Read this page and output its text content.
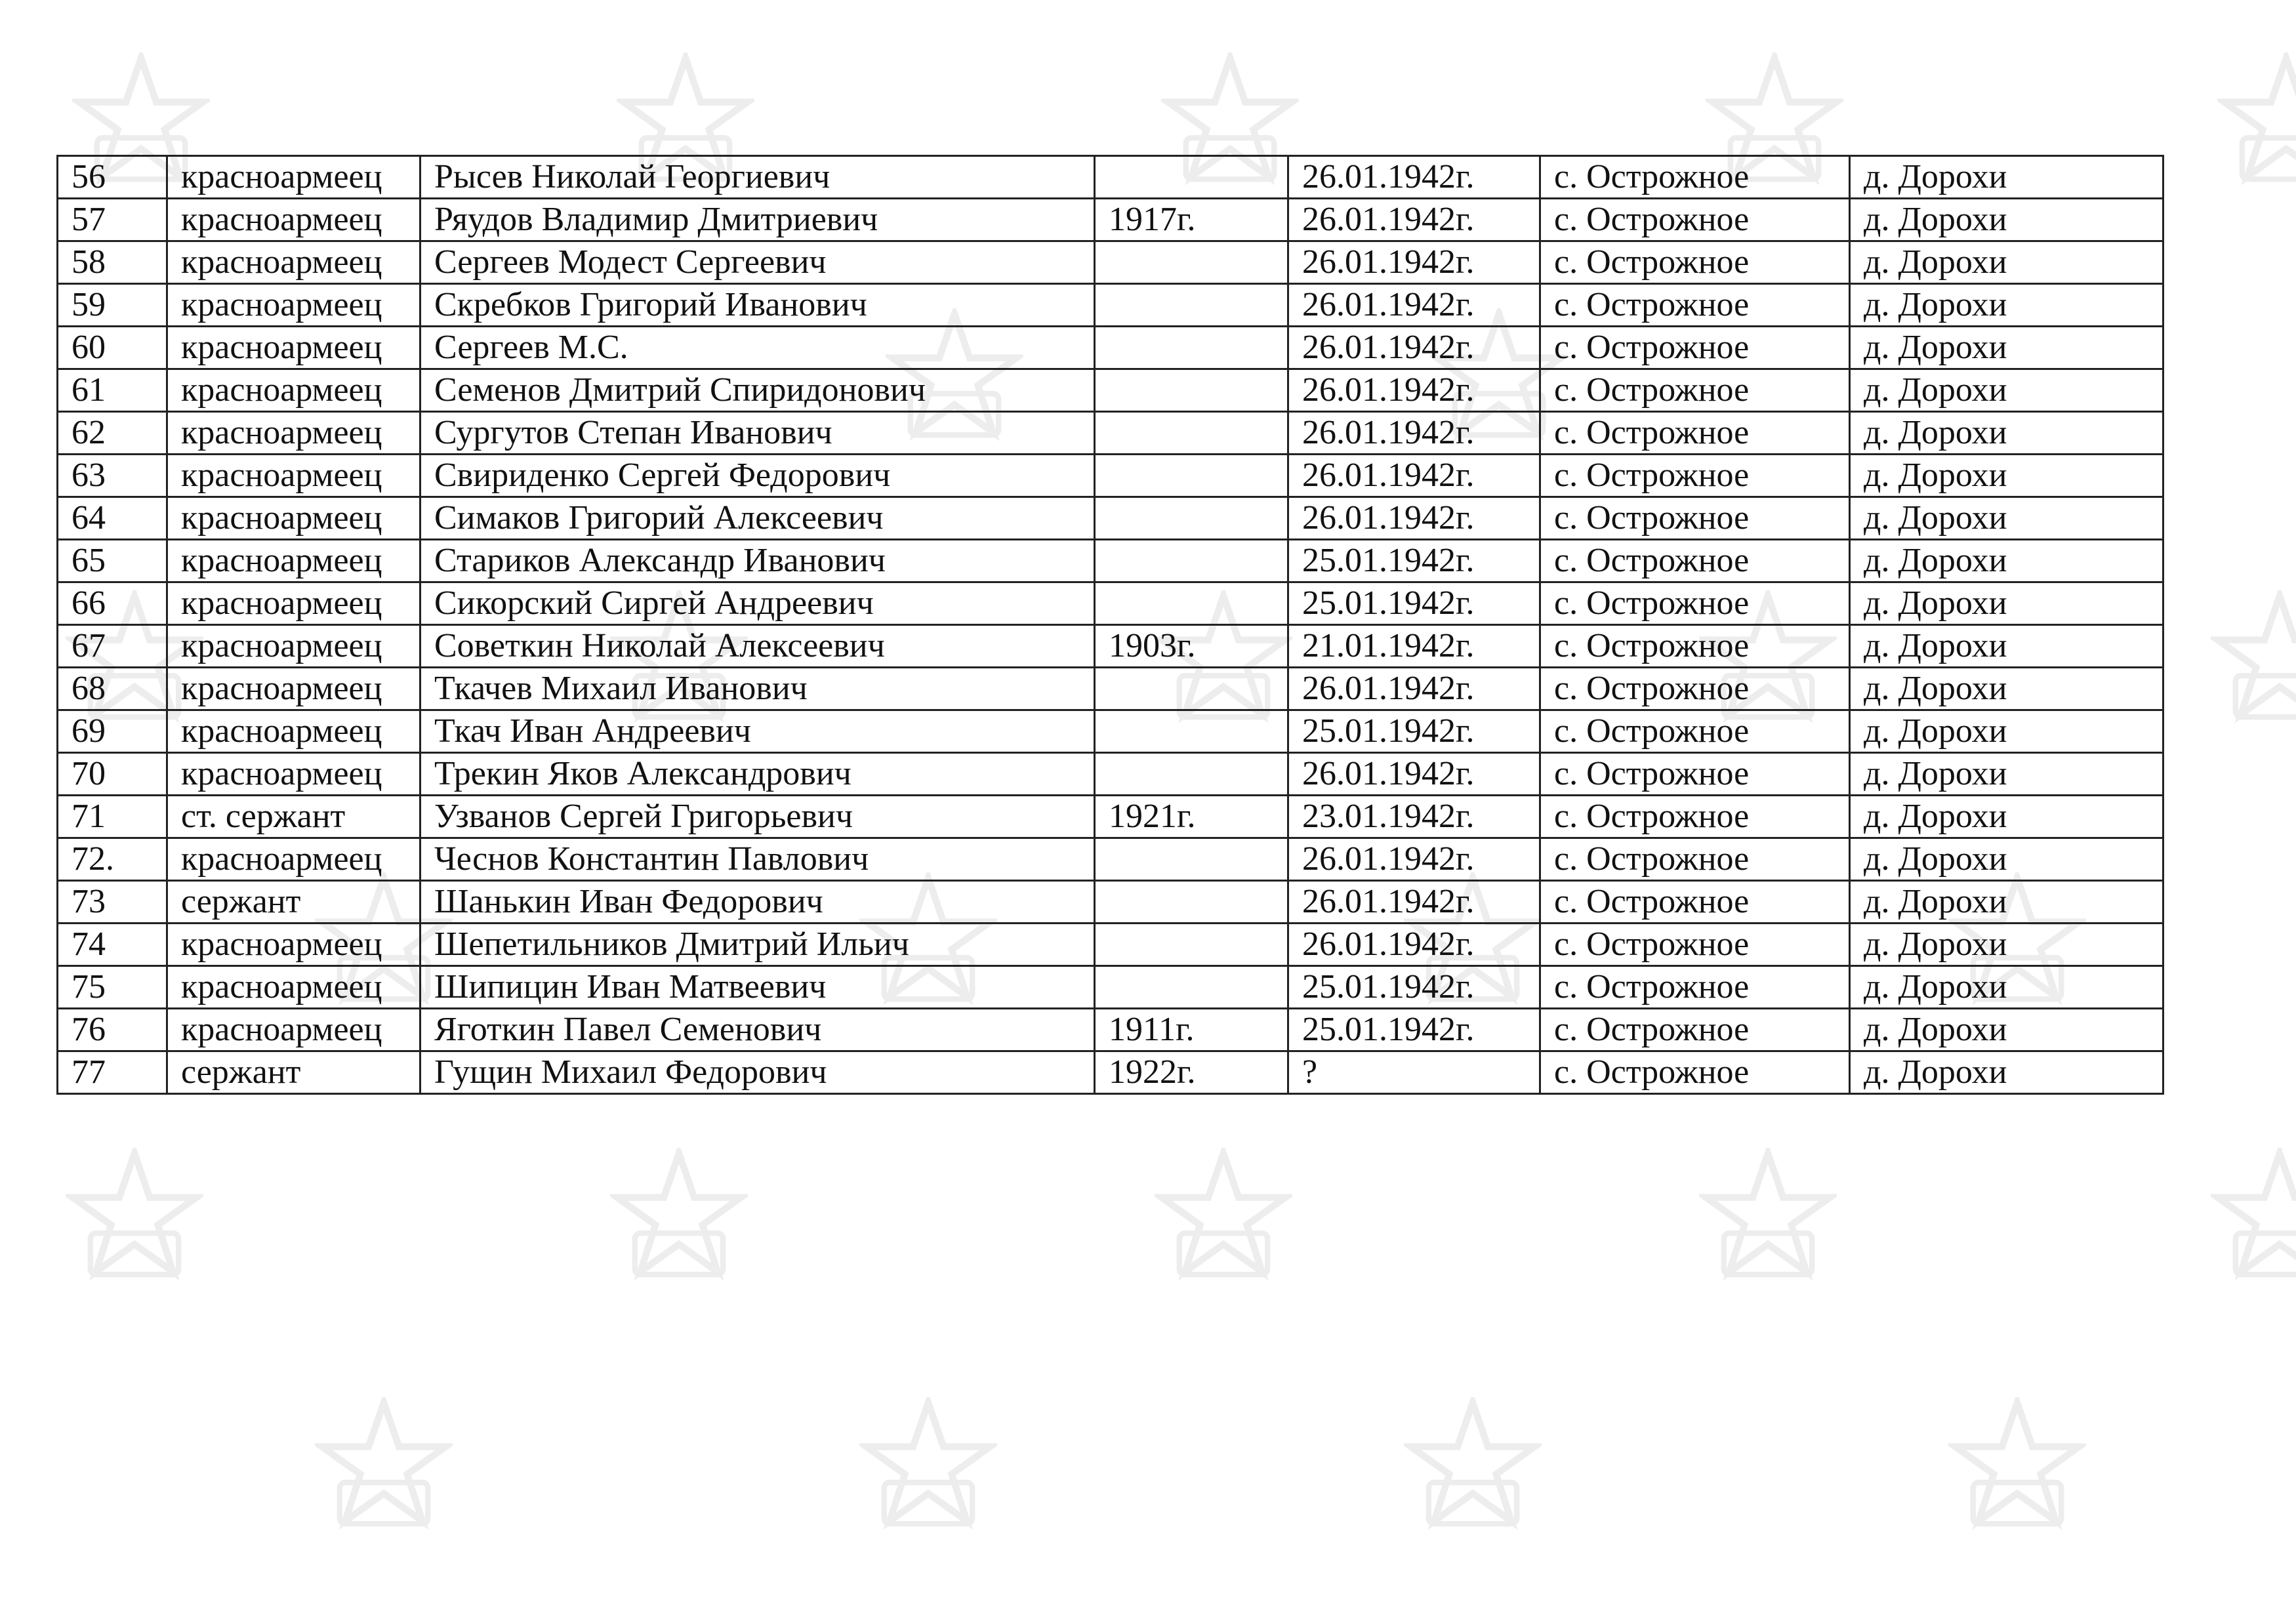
56	красноармеец	Рысев Николай Георгиевич		26.01.1942г.	с. Острожное	д. Дорохи
57	красноармеец	Ряудов Владимир Дмитриевич	1917г.	26.01.1942г.	с. Острожное	д. Дорохи
58	красноармеец	Сергеев Модест Сергеевич		26.01.1942г.	с. Острожное	д. Дорохи
59	красноармеец	Скребков Григорий Иванович		26.01.1942г.	с. Острожное	д. Дорохи
60	красноармеец	Сергеев М.С.		26.01.1942г.	с. Острожное	д. Дорохи
61	красноармеец	Семенов Дмитрий Спиридонович		26.01.1942г.	с. Острожное	д. Дорохи
62	красноармеец	Сургутов Степан Иванович		26.01.1942г.	с. Острожное	д. Дорохи
63	красноармеец	Свириденко Сергей Федорович		26.01.1942г.	с. Острожное	д. Дорохи
64	красноармеец	Симаков Григорий Алексеевич		26.01.1942г.	с. Острожное	д. Дорохи
65	красноармеец	Стариков Александр Иванович		25.01.1942г.	с. Острожное	д. Дорохи
66	красноармеец	Сикорский Сиргей Андреевич		25.01.1942г.	с. Острожное	д. Дорохи
67	красноармеец	Советкин Николай Алексеевич	1903г.	21.01.1942г.	с. Острожное	д. Дорохи
68	красноармеец	Ткачев Михаил Иванович		26.01.1942г.	с. Острожное	д. Дорохи
69	красноармеец	Ткач Иван Андреевич		25.01.1942г.	с. Острожное	д. Дорохи
70	красноармеец	Трекин Яков Александрович		26.01.1942г.	с. Острожное	д. Дорохи
71	ст. сержант	Узванов Сергей Григорьевич	1921г.	23.01.1942г.	с. Острожное	д. Дорохи
72.	красноармеец	Чеснов Константин Павлович		26.01.1942г.	с. Острожное	д. Дорохи
73	сержант	Шанькин Иван Федорович		26.01.1942г.	с. Острожное	д. Дорохи
74	красноармеец	Шепетильников Дмитрий Ильич		26.01.1942г.	с. Острожное	д. Дорохи
75	красноармеец	Шипицин Иван Матвеевич		25.01.1942г.	с. Острожное	д. Дорохи
76	красноармеец	Яготкин Павел Семенович	1911г.	25.01.1942г.	с. Острожное	д. Дорохи
77	сержант	Гущин Михаил Федорович	1922г.	?	с. Острожное	д. Дорохи
